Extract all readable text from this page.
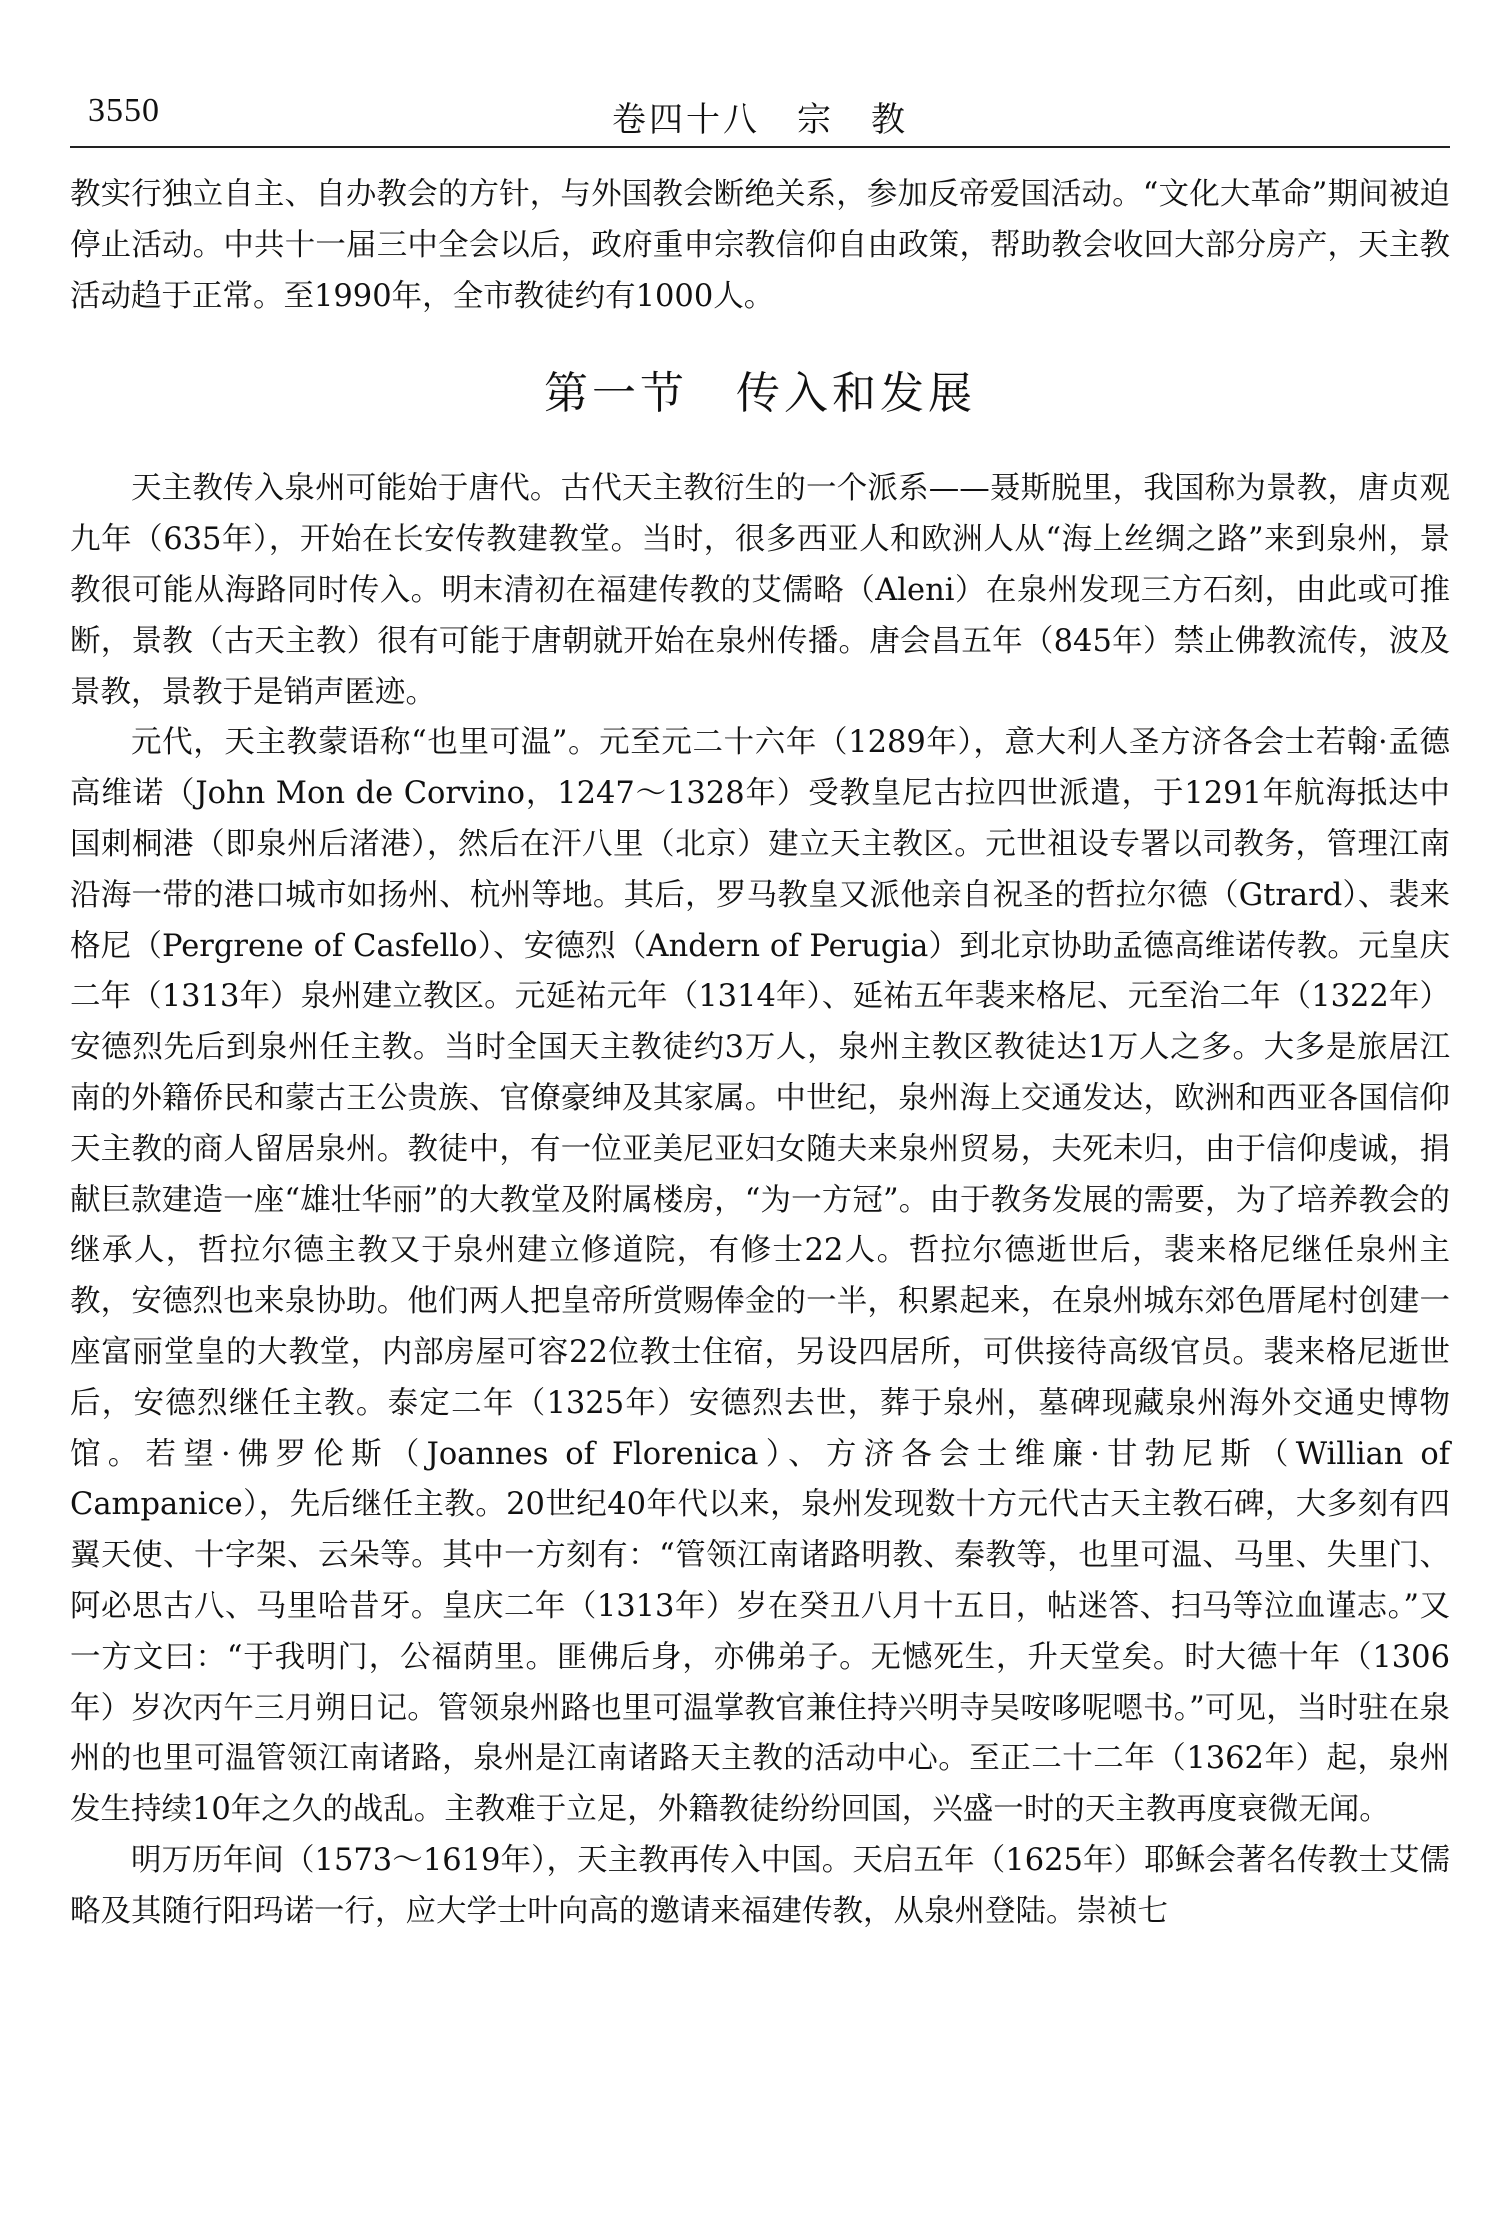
3550	卷四十八　宗　教

教实行独立自主、自办教会的方针，与外国教会断绝关系，参加反帝爱国活动。“文化大革命”期间被迫停止活动。中共十一届三中全会以后，政府重申宗教信仰自由政策，帮助教会收回大部分房产，天主教活动趋于正常。至1990年，全市教徒约有1000人。

第一节　传入和发展

天主教传入泉州可能始于唐代。古代天主教衍生的一个派系——聂斯脱里，我国称为景教，唐贞观九年（635年），开始在长安传教建教堂。当时，很多西亚人和欧洲人从“海上丝绸之路”来到泉州，景教很可能从海路同时传入。明末清初在福建传教的艾儒略（Aleni）在泉州发现三方石刻，由此或可推断，景教（古天主教）很有可能于唐朝就开始在泉州传播。唐会昌五年（845年）禁止佛教流传，波及景教，景教于是销声匿迹。

元代，天主教蒙语称“也里可温”。元至元二十六年（1289年），意大利人圣方济各会士若翰·孟德高维诺（John Mon de Corvino，1247～1328年）受教皇尼古拉四世派遣，于1291年航海抵达中国刺桐港（即泉州后渚港），然后在汗八里（北京）建立天主教区。元世祖设专署以司教务，管理江南沿海一带的港口城市如扬州、杭州等地。其后，罗马教皇又派他亲自祝圣的哲拉尔德（Gtrard）、裴来格尼（Pergrene of Casfello）、安德烈（Andern of Perugia）到北京协助孟德高维诺传教。元皇庆二年（1313年）泉州建立教区。元延祐元年（1314年）、延祐五年裴来格尼、元至治二年（1322年）安德烈先后到泉州任主教。当时全国天主教徒约3万人，泉州主教区教徒达1万人之多。大多是旅居江南的外籍侨民和蒙古王公贵族、官僚豪绅及其家属。中世纪，泉州海上交通发达，欧洲和西亚各国信仰天主教的商人留居泉州。教徒中，有一位亚美尼亚妇女随夫来泉州贸易，夫死未归，由于信仰虔诚，捐献巨款建造一座“雄壮华丽”的大教堂及附属楼房，“为一方冠”。由于教务发展的需要，为了培养教会的继承人，哲拉尔德主教又于泉州建立修道院，有修士22人。哲拉尔德逝世后，裴来格尼继任泉州主教，安德烈也来泉协助。他们两人把皇帝所赏赐俸金的一半，积累起来，在泉州城东郊色厝尾村创建一座富丽堂皇的大教堂，内部房屋可容22位教士住宿，另设四居所，可供接待高级官员。裴来格尼逝世后，安德烈继任主教。泰定二年（1325年）安德烈去世，葬于泉州，墓碑现藏泉州海外交通史博物馆。若望·佛罗伦斯（Joannes of Florenica）、方济各会士维廉·甘勃尼斯（Willian of Campanice），先后继任主教。20世纪40年代以来，泉州发现数十方元代古天主教石碑，大多刻有四翼天使、十字架、云朵等。其中一方刻有：“管领江南诸路明教、秦教等，也里可温、马里、失里门、阿必思古八、马里哈昔牙。皇庆二年（1313年）岁在癸丑八月十五日，帖迷答、扫马等泣血谨志。”又一方文曰：“于我明门，公福荫里。匪佛后身，亦佛弟子。无憾死生，升天堂矣。时大德十年（1306年）岁次丙午三月朔日记。管领泉州路也里可温掌教官兼住持兴明寺吴咹哆呢嗯书。”可见，当时驻在泉州的也里可温管领江南诸路，泉州是江南诸路天主教的活动中心。至正二十二年（1362年）起，泉州发生持续10年之久的战乱。主教难于立足，外籍教徒纷纷回国，兴盛一时的天主教再度衰微无闻。

明万历年间（1573～1619年），天主教再传入中国。天启五年（1625年）耶稣会著名传教士艾儒略及其随行阳玛诺一行，应大学士叶向高的邀请来福建传教，从泉州登陆。崇祯七
